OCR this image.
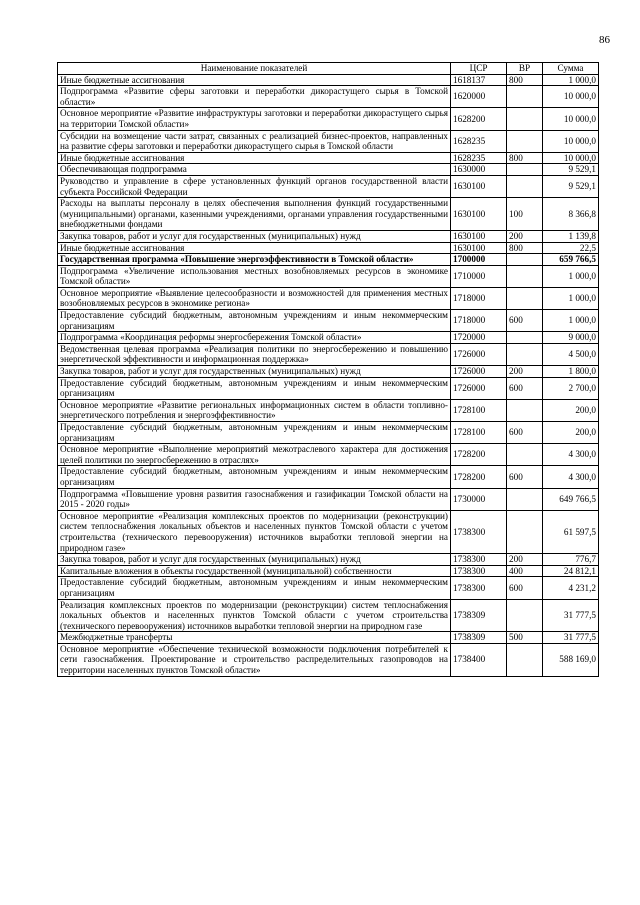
86
Наименование показателей	ЦСР	ВР	Сумма
Иные бюджетные ассигнования	1618137	800	1 000,0
Подпрограмма «Развитие сферы заготовки и переработки дикорастущего сырья в Томской области»	1620000		10 000,0
Основное мероприятие «Развитие инфраструктуры заготовки и переработки дикорастущего сырья на территории Томской области»	1628200		10 000,0
Субсидии на возмещение части затрат, связанных с реализацией бизнес-проектов, направленных на развитие сферы заготовки и переработки дикорастущего сырья в Томской области	1628235		10 000,0
Иные бюджетные ассигнования	1628235	800	10 000,0
Обеспечивающая подпрограмма	1630000		9 529,1
Руководство и управление в сфере установленных функций органов государственной власти субъекта Российской Федерации	1630100		9 529,1
Расходы на выплаты персоналу в целях обеспечения выполнения функций государственными (муниципальными) органами, казенными учреждениями, органами управления государственными внебюджетными фондами	1630100	100	8 366,8
Закупка товаров, работ и услуг для государственных (муниципальных) нужд	1630100	200	1 139,8
Иные бюджетные ассигнования	1630100	800	22,5
Государственная программа «Повышение энергоэффективности в Томской области»	1700000		659 766,5
Подпрограмма «Увеличение использования местных возобновляемых ресурсов в экономике Томской области»	1710000		1 000,0
Основное мероприятие «Выявление целесообразности и возможностей для применения местных возобновляемых ресурсов в экономике региона»	1718000		1 000,0
Предоставление субсидий бюджетным, автономным учреждениям и иным некоммерческим организациям	1718000	600	1 000,0
Подпрограмма «Координация реформы энергосбережения Томской области»	1720000		9 000,0
Ведомственная целевая программа «Реализация политики по энергосбережению и повышению энергетической эффективности и информационная поддержка»	1726000		4 500,0
Закупка товаров, работ и услуг для государственных (муниципальных) нужд	1726000	200	1 800,0
Предоставление субсидий бюджетным, автономным учреждениям и иным некоммерческим организациям	1726000	600	2 700,0
Основное мероприятие «Развитие региональных информационных систем в области топливно-энергетического потребления и энергоэффективности»	1728100		200,0
Предоставление субсидий бюджетным, автономным учреждениям и иным некоммерческим организациям	1728100	600	200,0
Основное мероприятие «Выполнение мероприятий межотраслевого характера для достижения целей политики по энергосбережению в отраслях»	1728200		4 300,0
Предоставление субсидий бюджетным, автономным учреждениям и иным некоммерческим организациям	1728200	600	4 300,0
Подпрограмма «Повышение уровня развития газоснабжения и газификации Томской области на 2015 - 2020 годы»	1730000		649 766,5
Основное мероприятие «Реализация комплексных проектов по модернизации (реконструкции) систем теплоснабжения локальных объектов и населенных пунктов Томской области с учетом строительства (технического перевооружения) источников выработки тепловой энергии на природном газе»	1738300		61 597,5
Закупка товаров, работ и услуг для государственных (муниципальных) нужд	1738300	200	776,7
Капитальные вложения в объекты государственной (муниципальной) собственности	1738300	400	24 812,1
Предоставление субсидий бюджетным, автономным учреждениям и иным некоммерческим организациям	1738300	600	4 231,2
Реализация комплексных проектов по модернизации (реконструкции) систем теплоснабжения локальных объектов и населенных пунктов Томской области с учетом строительства (технического перевооружения) источников выработки тепловой энергии на природном газе	1738309		31 777,5
Межбюджетные трансферты	1738309	500	31 777,5
Основное мероприятие «Обеспечение технической возможности подключения потребителей к сети газоснабжения. Проектирование и строительство распределительных газопроводов на территории населенных пунктов Томской области»	1738400		588 169,0
